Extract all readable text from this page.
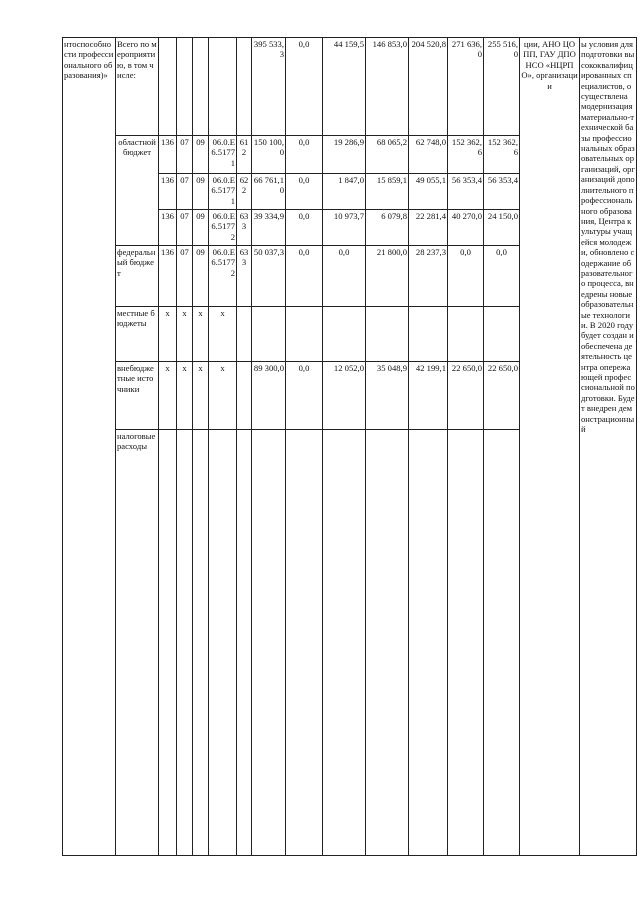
нтоспособности профессионального образования)»	Всего по мероприятию, в том числе:						395 533,3	0,0	44 159,5	146 853,0	204 520,8	271 636,0	255 516,0	ции, АНО ЦОПП, ГАУ ДПО НСО «НЦРПО», организации	ы условия для подготовки высококвалифицированных специалистов, осуществлена модернизация материально-технической базы профессиональных образовательных организаций, организаций дополнительного профессионального образования, Центра культуры учащейся молодежи, обновлено содержание образовательного процесса, внедрены новые образовательные технологии. В 2020 году будет создан и обеспечена деятельность центра опережающей профессиональной подготовки. Будет внедрен демонстрационный
	областной бюджет	136	07	09	06.0.E6.51771	612	150 100,0	0,0	19 286,9	68 065,2	62 748,0	152 362,6	152 362,6		
		136	07	09	06.0.E6.51771	622	66 761,10	0,0	1 847,0	15 859,1	49 055,1	56 353,4	56 353,4		
		136	07	09	06.0.E6.51772	633	39 334,9	0,0	10 973,7	6 079,8	22 281,4	40 270,0	24 150,0		
	федеральный бюджет	136	07	09	06.0.E6.51772	633	50 037,3	0,0	0,0	21 800,0	28 237,3	0,0	0,0		
	местные бюджеты	x	x	x	x										
	внебюджетные источники	x	x	x	x		89 300,0	0,0	12 052,0	35 048,9	42 199,1	22 650,0	22 650,0		
	налоговые расходы														
